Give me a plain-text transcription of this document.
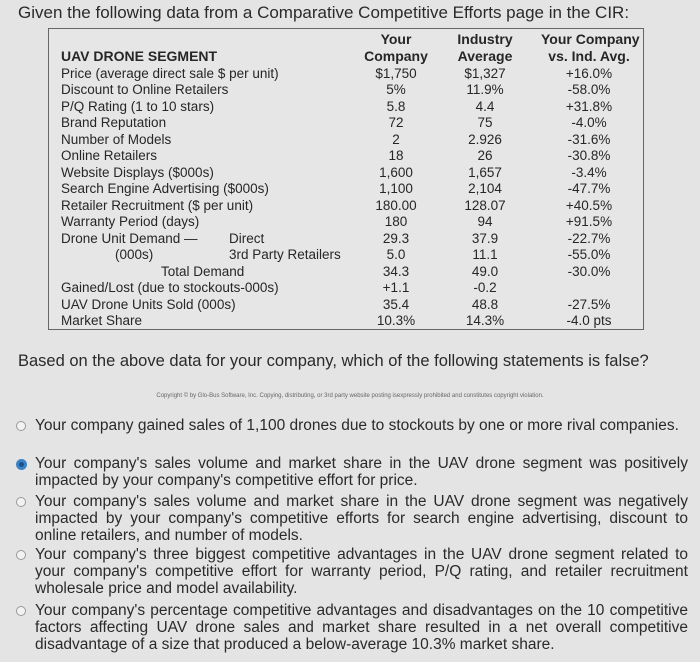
Given the following data from a Comparative Competitive Efforts page in the CIR:
Your	Industry	Your Company
UAV DRONE SEGMENT	Company	Average	vs. Ind. Avg.
Price (average direct sale $ per unit)	$1,750	$1,327	+16.0%
Discount to Online Retailers	5%	11.9%	-58.0%
P/Q Rating (1 to 10 stars)	5.8	4.4	+31.8%
Brand Reputation	72	75	-4.0%
Number of Models	2	2.926	-31.6%
Online Retailers	18	26	-30.8%
Website Displays ($000s)	1,600	1,657	-3.4%
Search Engine Advertising ($000s)	1,100	2,104	-47.7%
Retailer Recruitment ($ per unit)	180.00	128.07	+40.5%
Warranty Period (days)	180	94	+91.5%
Drone Unit Demand — Direct	29.3	37.9	-22.7%
(000s)	3rd Party Retailers	5.0	11.1	-55.0%
Total Demand	34.3	49.0	-30.0%
Gained/Lost (due to stockouts-000s)	+1.1	-0.2
UAV Drone Units Sold (000s)	35.4	48.8	-27.5%
Market Share	10.3%	14.3%	-4.0 pts
Based on the above data for your company, which of the following statements is false?
Copyright © by Glo-Bus Software, Inc. Copying, distributing, or 3rd party website posting isexpressly prohibited and constitutes copyright violation.
Your company gained sales of 1,100 drones due to stockouts by one or more rival companies.
Your company's sales volume and market share in the UAV drone segment was positively impacted by your company's competitive effort for price.
Your company's sales volume and market share in the UAV drone segment was negatively impacted by your company's competitive efforts for search engine advertising, discount to online retailers, and number of models.
Your company's three biggest competitive advantages in the UAV drone segment related to your company's competitive effort for warranty period, P/Q rating, and retailer recruitment wholesale price and model availability.
Your company's percentage competitive advantages and disadvantages on the 10 competitive factors affecting UAV drone sales and market share resulted in a net overall competitive disadvantage of a size that produced a below-average 10.3% market share.
